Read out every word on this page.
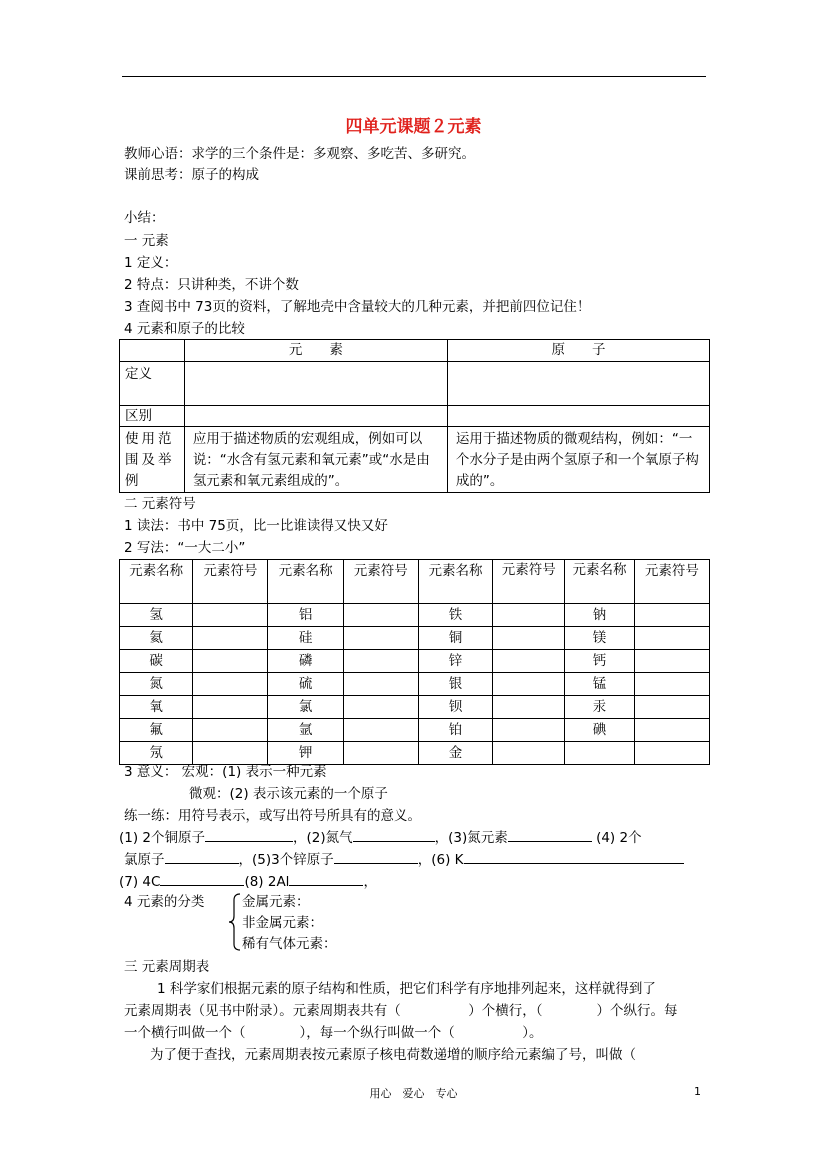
四单元课题２元素
教师心语：求学的三个条件是：多观察、多吃苦、多研究。
课前思考：原子的构成
小结：
一 元素
1 定义：
2 特点：只讲种类，不讲个数
3 查阅书中 73页的资料，了解地壳中含量较大的几种元素，并把前四位记住！
4 元素和原子的比较
	元　　素	原　　子
定义		
区别		
使用范围及举例	应用于描述物质的宏观组成，例如可以说：“水含有氢元素和氧元素”或“水是由氢元素和氧元素组成的”。	运用于描述物质的微观结构，例如：“一个水分子是由两个氢原子和一个氧原子构成的”。
二 元素符号
1 读法：书中 75页，比一比谁读得又快又好
2 写法：“一大二小”
元素名称	元素符号	元素名称	元素符号	元素名称	元素符号	元素名称	元素符号
氢		铝		铁		钠	
氦		硅		铜		镁	
碳		磷		锌		钙	
氮		硫		银		锰	
氧		氯		钡		汞	
氟		氩		铂		碘	
氖		钾		金			
3 意义： 宏观：(1) 表示一种元素
微观：(2) 表示该元素的一个原子
练一练：用符号表示，或写出符号所具有的意义。
(1) 2个铜原子	，(2)氮气	，(3)氮元素	(4) 2个
氯原子	，(5)3个锌原子	，(6) K
(7) 4C	(8) 2Al	，
4 元素的分类	金属元素：
非金属元素：
稀有气体元素：
三 元素周期表
1 科学家们根据元素的原子结构和性质，把它们科学有序地排列起来，这样就得到了
元素周期表（见书中附录）。元素周期表共有（　　　　　）个横行，（　　　　）个纵行。每
一个横行叫做一个（　　　　），每一个纵行叫做一个（　　　　　）。
为了便于查找，元素周期表按元素原子核电荷数递增的顺序给元素编了号，叫做（
用心　爱心　专心	1
